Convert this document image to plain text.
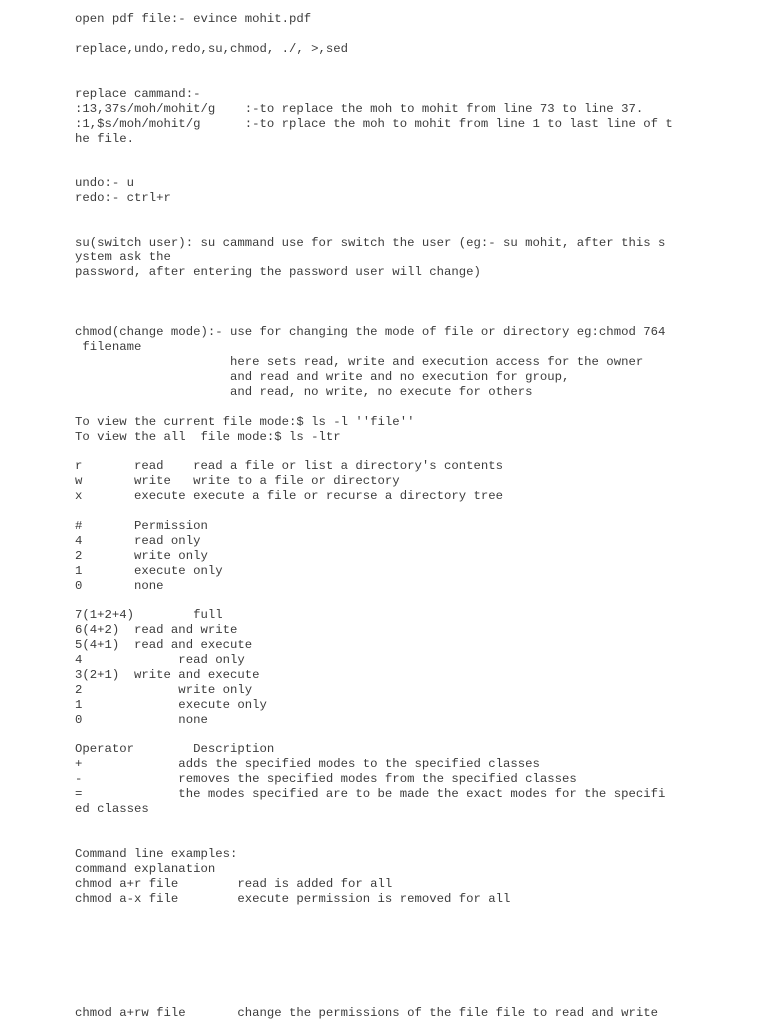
open pdf file:- evince mohit.pdf

replace,undo,redo,su,chmod, ./, >,sed

replace cammand:-

:13,37s/moh/mohit/g    :-to replace the moh to mohit from line 73 to line 37.

:1,$s/moh/mohit/g      :-to rplace the moh to mohit from line 1 to last line of t

he file.

undo:- u

redo:- ctrl+r

su(switch user): su cammand use for switch the user (eg:- su mohit, after this s

ystem ask the

password, after entering the password user will change)

chmod(change mode):- use for changing the mode of file or directory eg:chmod 764

filename

here sets read, write and execution access for the owner

and read and write and no execution for group,

and read, no write, no execute for others

To view the current file mode:$ ls -l ''file''

To view the all  file mode:$ ls -ltr

r       read    read a file or list a directory's contents

w       write   write to a file or directory

x       execute execute a file or recurse a directory tree

#       Permission

4       read only

2       write only

1       execute only

0       none

7(1+2+4)        full

6(4+2)  read and write

5(4+1)  read and execute

4             read only

3(2+1)  write and execute

2             write only

1             execute only

0             none

Operator        Description

+             adds the specified modes to the specified classes

-             removes the specified modes from the specified classes

=             the modes specified are to be made the exact modes for the specifi

ed classes

Command line examples:

command explanation

chmod a+r file        read is added for all

chmod a-x file        execute permission is removed for all

chmod a+rw file       change the permissions of the file file to read and write
